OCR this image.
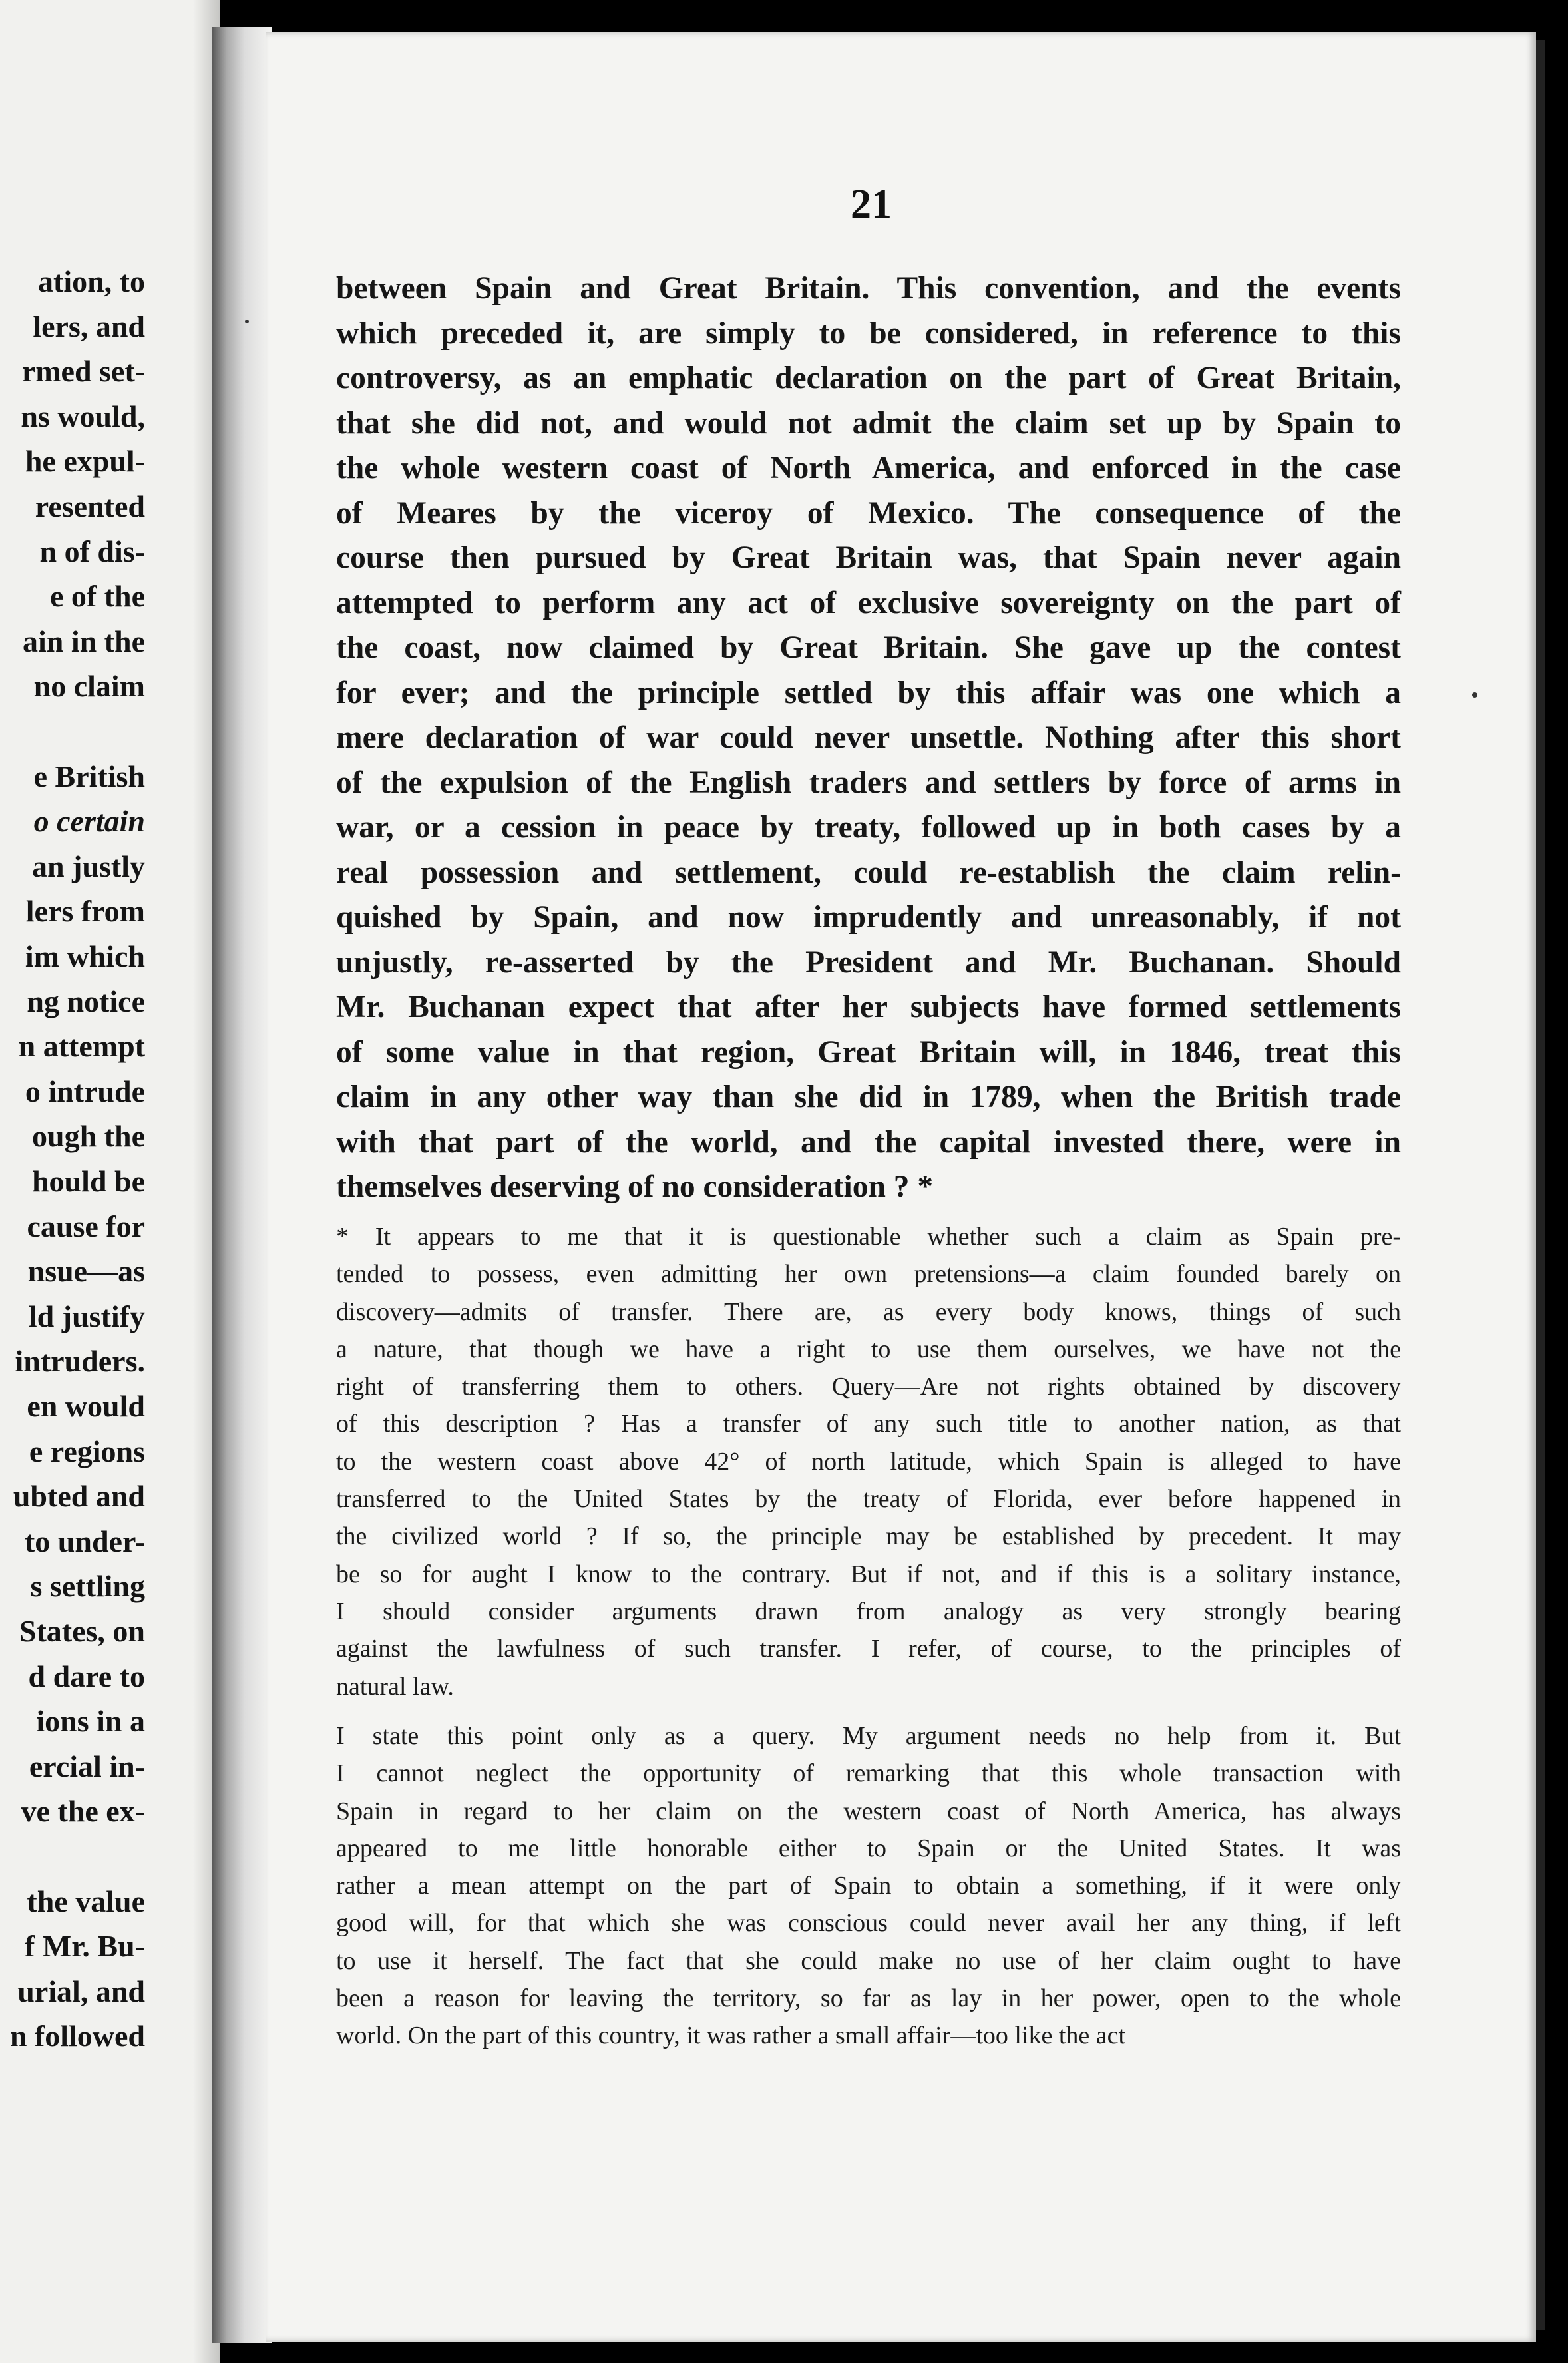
ation, to
lers, and
rmed set-
ns would,
he expul-
resented
n of dis-
e of the
ain in the
no claim
e British
o certain
an justly
lers from
im which
ng notice
n attempt
o intrude
ough the
hould be
cause for
nsue—as
ld justify
intruders.
en would
e regions
ubted and
to under-
s settling
States, on
d dare to
ions in a
ercial in-
ve the ex-
the value
f Mr. Bu-
urial, and
n followed
21
between Spain and Great Britain. This convention, and the events
which preceded it, are simply to be considered, in reference to this
controversy, as an emphatic declaration on the part of Great Britain,
that she did not, and would not admit the claim set up by Spain to
the whole western coast of North America, and enforced in the case
of Meares by the viceroy of Mexico. The consequence of the
course then pursued by Great Britain was, that Spain never again
attempted to perform any act of exclusive sovereignty on the part of
the coast, now claimed by Great Britain. She gave up the contest
for ever; and the principle settled by this affair was one which a
mere declaration of war could never unsettle. Nothing after this short
of the expulsion of the English traders and settlers by force of arms in
war, or a cession in peace by treaty, followed up in both cases by a
real possession and settlement, could re-establish the claim relin-
quished by Spain, and now imprudently and unreasonably, if not
unjustly, re-asserted by the President and Mr. Buchanan. Should
Mr. Buchanan expect that after her subjects have formed settlements
of some value in that region, Great Britain will, in 1846, treat this
claim in any other way than she did in 1789, when the British trade
with that part of the world, and the capital invested there, were in
themselves deserving of no consideration ? *
* It appears to me that it is questionable whether such a claim as Spain pre-
tended to possess, even admitting her own pretensions—a claim founded barely on
discovery—admits of transfer. There are, as every body knows, things of such
a nature, that though we have a right to use them ourselves, we have not the
right of transferring them to others. Query—Are not rights obtained by discovery
of this description ? Has a transfer of any such title to another nation, as that
to the western coast above 42° of north latitude, which Spain is alleged to have
transferred to the United States by the treaty of Florida, ever before happened in
the civilized world ? If so, the principle may be established by precedent. It may
be so for aught I know to the contrary. But if not, and if this is a solitary instance,
I should consider arguments drawn from analogy as very strongly bearing
against the lawfulness of such transfer. I refer, of course, to the principles of
natural law.
I state this point only as a query. My argument needs no help from it. But
I cannot neglect the opportunity of remarking that this whole transaction with
Spain in regard to her claim on the western coast of North America, has always
appeared to me little honorable either to Spain or the United States. It was
rather a mean attempt on the part of Spain to obtain a something, if it were only
good will, for that which she was conscious could never avail her any thing, if left
to use it herself. The fact that she could make no use of her claim ought to have
been a reason for leaving the territory, so far as lay in her power, open to the whole
world. On the part of this country, it was rather a small affair—too like the act
